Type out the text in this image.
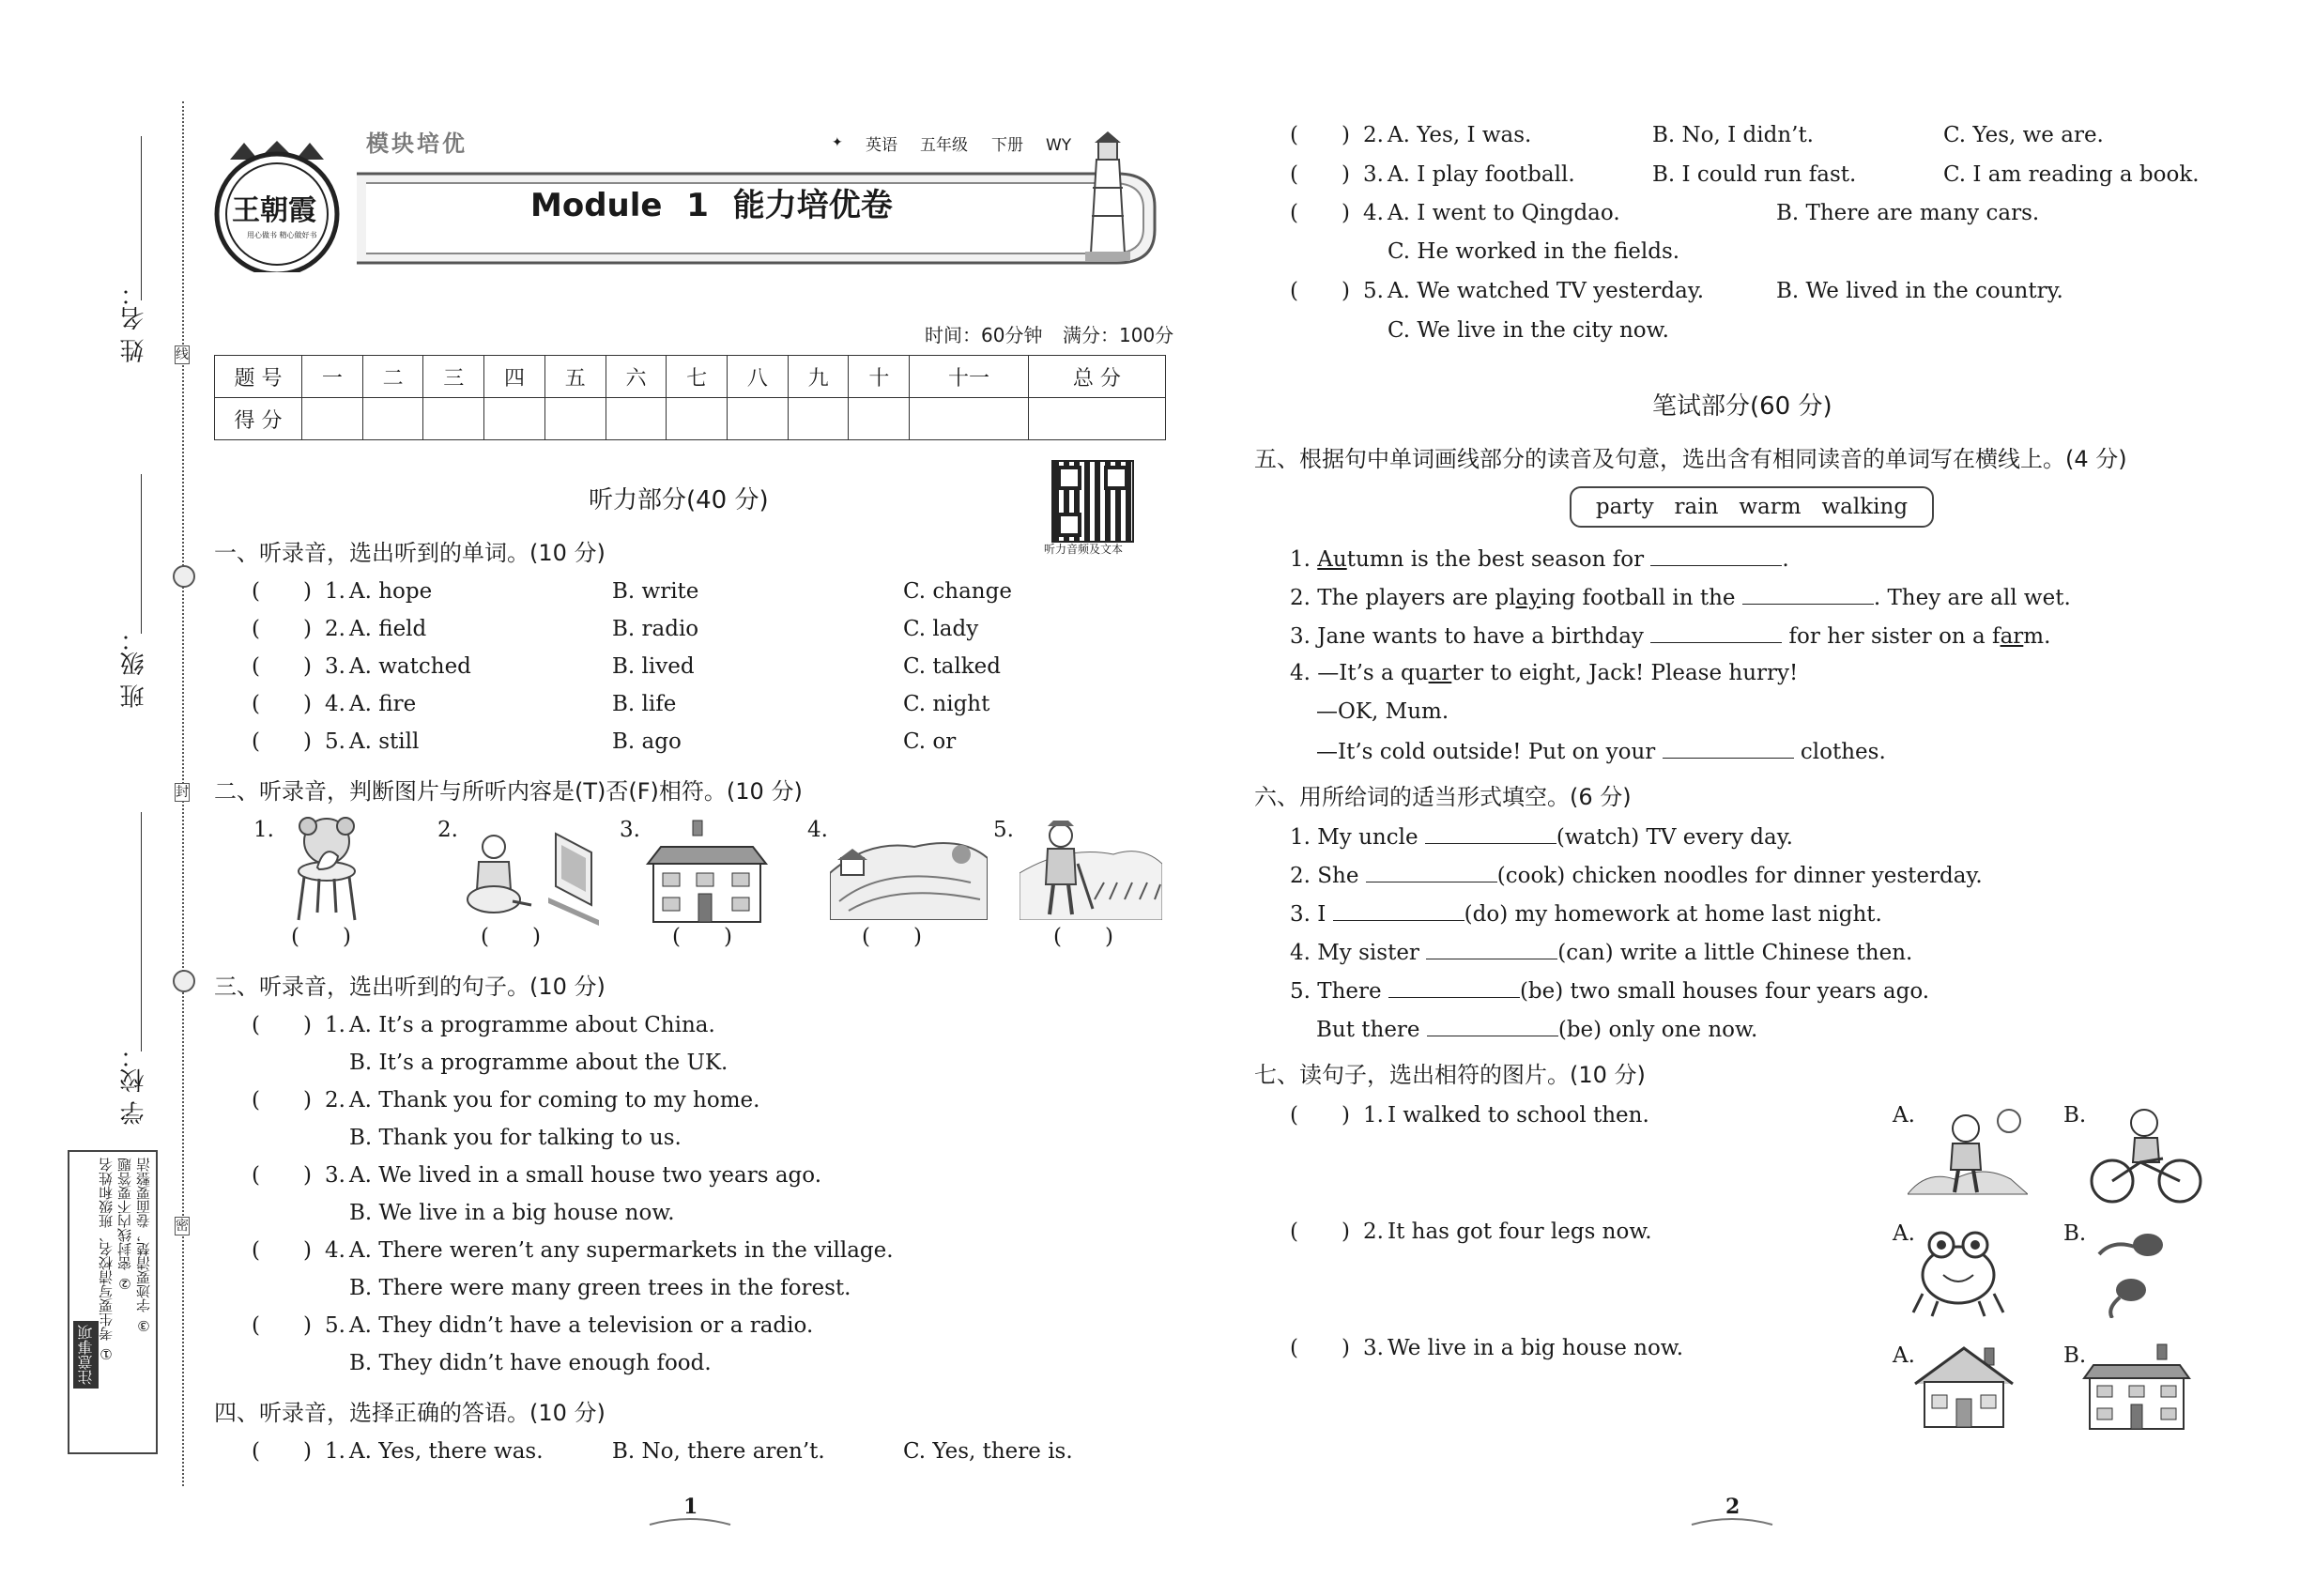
线
封
密
姓 名：
班 级：
学 校：
注意事项 ① 考生要写清校名、班级和姓名 ② 密封线内不要答题 ③ 字迹要清楚，卷面要整洁
王朝霞
用心做书 精心做好书
模块培优	✦ 英语 五年级 下册 WY
Module 1 能力培优卷
时间：60分钟 满分：100分
题 号	一	二	三	四	五	六	七	八	九	十	十一	总 分
得 分												
听力音频及文本
听力部分(40 分)
一、听录音，选出听到的单词。(10 分)
(　　) 1. A. hope	B. write	C. change
(　　) 2. A. field	B. radio	C. lady
(　　) 3. A. watched	B. lived	C. talked
(　　) 4. A. fire	B. life	C. night
(　　) 5. A. still	B. ago	C. or
二、听录音，判断图片与所听内容是(T)否(F)相符。(10 分)
1.
(　　)
2.
(　　)
3.
(　　)
4.
(　　)
5.
(　　)
三、听录音，选出听到的句子。(10 分)
(　　) 1. A. It’s a programme about China.
B. It’s a programme about the UK.
(　　) 2. A. Thank you for coming to my home.
B. Thank you for talking to us.
(　　) 3. A. We lived in a small house two years ago.
B. We live in a big house now.
(　　) 4. A. There weren’t any supermarkets in the village.
B. There were many green trees in the forest.
(　　) 5. A. They didn’t have a television or a radio.
B. They didn’t have enough food.
四、听录音，选择正确的答语。(10 分)
(　　) 1. A. Yes, there was.	B. No, there aren’t.	C. Yes, there is.
(　　) 2. A. Yes, I was.	B. No, I didn’t.	C. Yes, we are.
(　　) 3. A. I play football.	B. I could run fast.	C. I am reading a book.
(　　) 4. A. I went to Qingdao.	B. There are many cars.
C. He worked in the fields.
(　　) 5. A. We watched TV yesterday.	B. We lived in the country.
C. We live in the city now.
笔试部分(60 分)
五、根据句中单词画线部分的读音及句意，选出含有相同读音的单词写在横线上。(4 分)
party   rain   warm   walking
1. Autumn is the best season for	.
2. The players are playing football in the	. They are all wet.
3. Jane wants to have a birthday	for her sister on a farm.
4. —It’s a quarter to eight, Jack! Please hurry!
—OK, Mum.
—It’s cold outside! Put on your	clothes.
六、用所给词的适当形式填空。(6 分)
1. My uncle	(watch) TV every day.
2. She	(cook) chicken noodles for dinner yesterday.
3. I	(do) my homework at home last night.
4. My sister	(can) write a little Chinese then.
5. There	(be) two small houses four years ago.
But there	(be) only one now.
七、读句子，选出相符的图片。(10 分)
(　　) 1. I walked to school then.	A.	B.
(　　) 2. It has got four legs now.	A.	B.
(　　) 3. We live in a big house now.	A.	B.
1	2
